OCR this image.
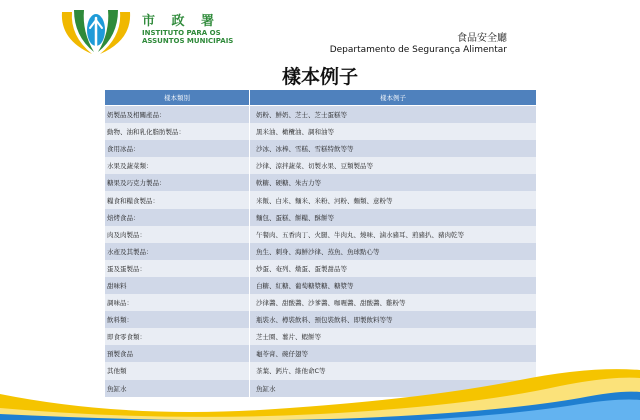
市 政 署
INSTITUTO PARA OS
ASSUNTOS MUNICIPAIS	食品安全廳
Departamento de Segurança Alimentar
樣本例子
樣本類別	樣本例子
奶製品及相關產品：	奶粉、鮮奶、芝士、芝士蛋糕等
動物、油和乳化脂肪製品：	黑米油、橄欖油、調和油等
食用冰品：	沙冰、冰棒、雪糕、雪糕特飲等等
水果及蔬菜類：	沙律、涼拌蔬菜、切製水果、豆類製品等
糖果及巧克力製品：	軟糖、硬糖、朱古力等
糧食和糧食製品：	米飯、白米、麵米、米粉、河粉、麵類、意粉等
焙烤食品：	麵包、蛋糕、餅糧、酥餅等
肉及肉製品：	午餐肉、五香肉丁、火腿、牛肉丸、燒味、滷水豬耳、煎豬扒、豬肉乾等
水產及其製品：	魚生、刺身、海鮮沙律、蒸魚、魚球點心等
蛋及蛋製品：	炒蛋、奄列、燉蛋、蛋製甜品等
甜味料	白糖、紅糖、葡萄糖漿糖、糖漿等
調味品：	沙律醬、甜酸醬、沙爹醬、咖喱醬、甜酸醬、雞粉等
飲料類：	瓶裝水、樽裝飲料、預包裝飲料、即製飲料等等
即食零食類：	芝士圈、薯片、蝦餅等
預製食品	龜苓膏、碗仔翅等
其他類	茶葉、鈣片、維他命C等
魚缸水	魚缸水
